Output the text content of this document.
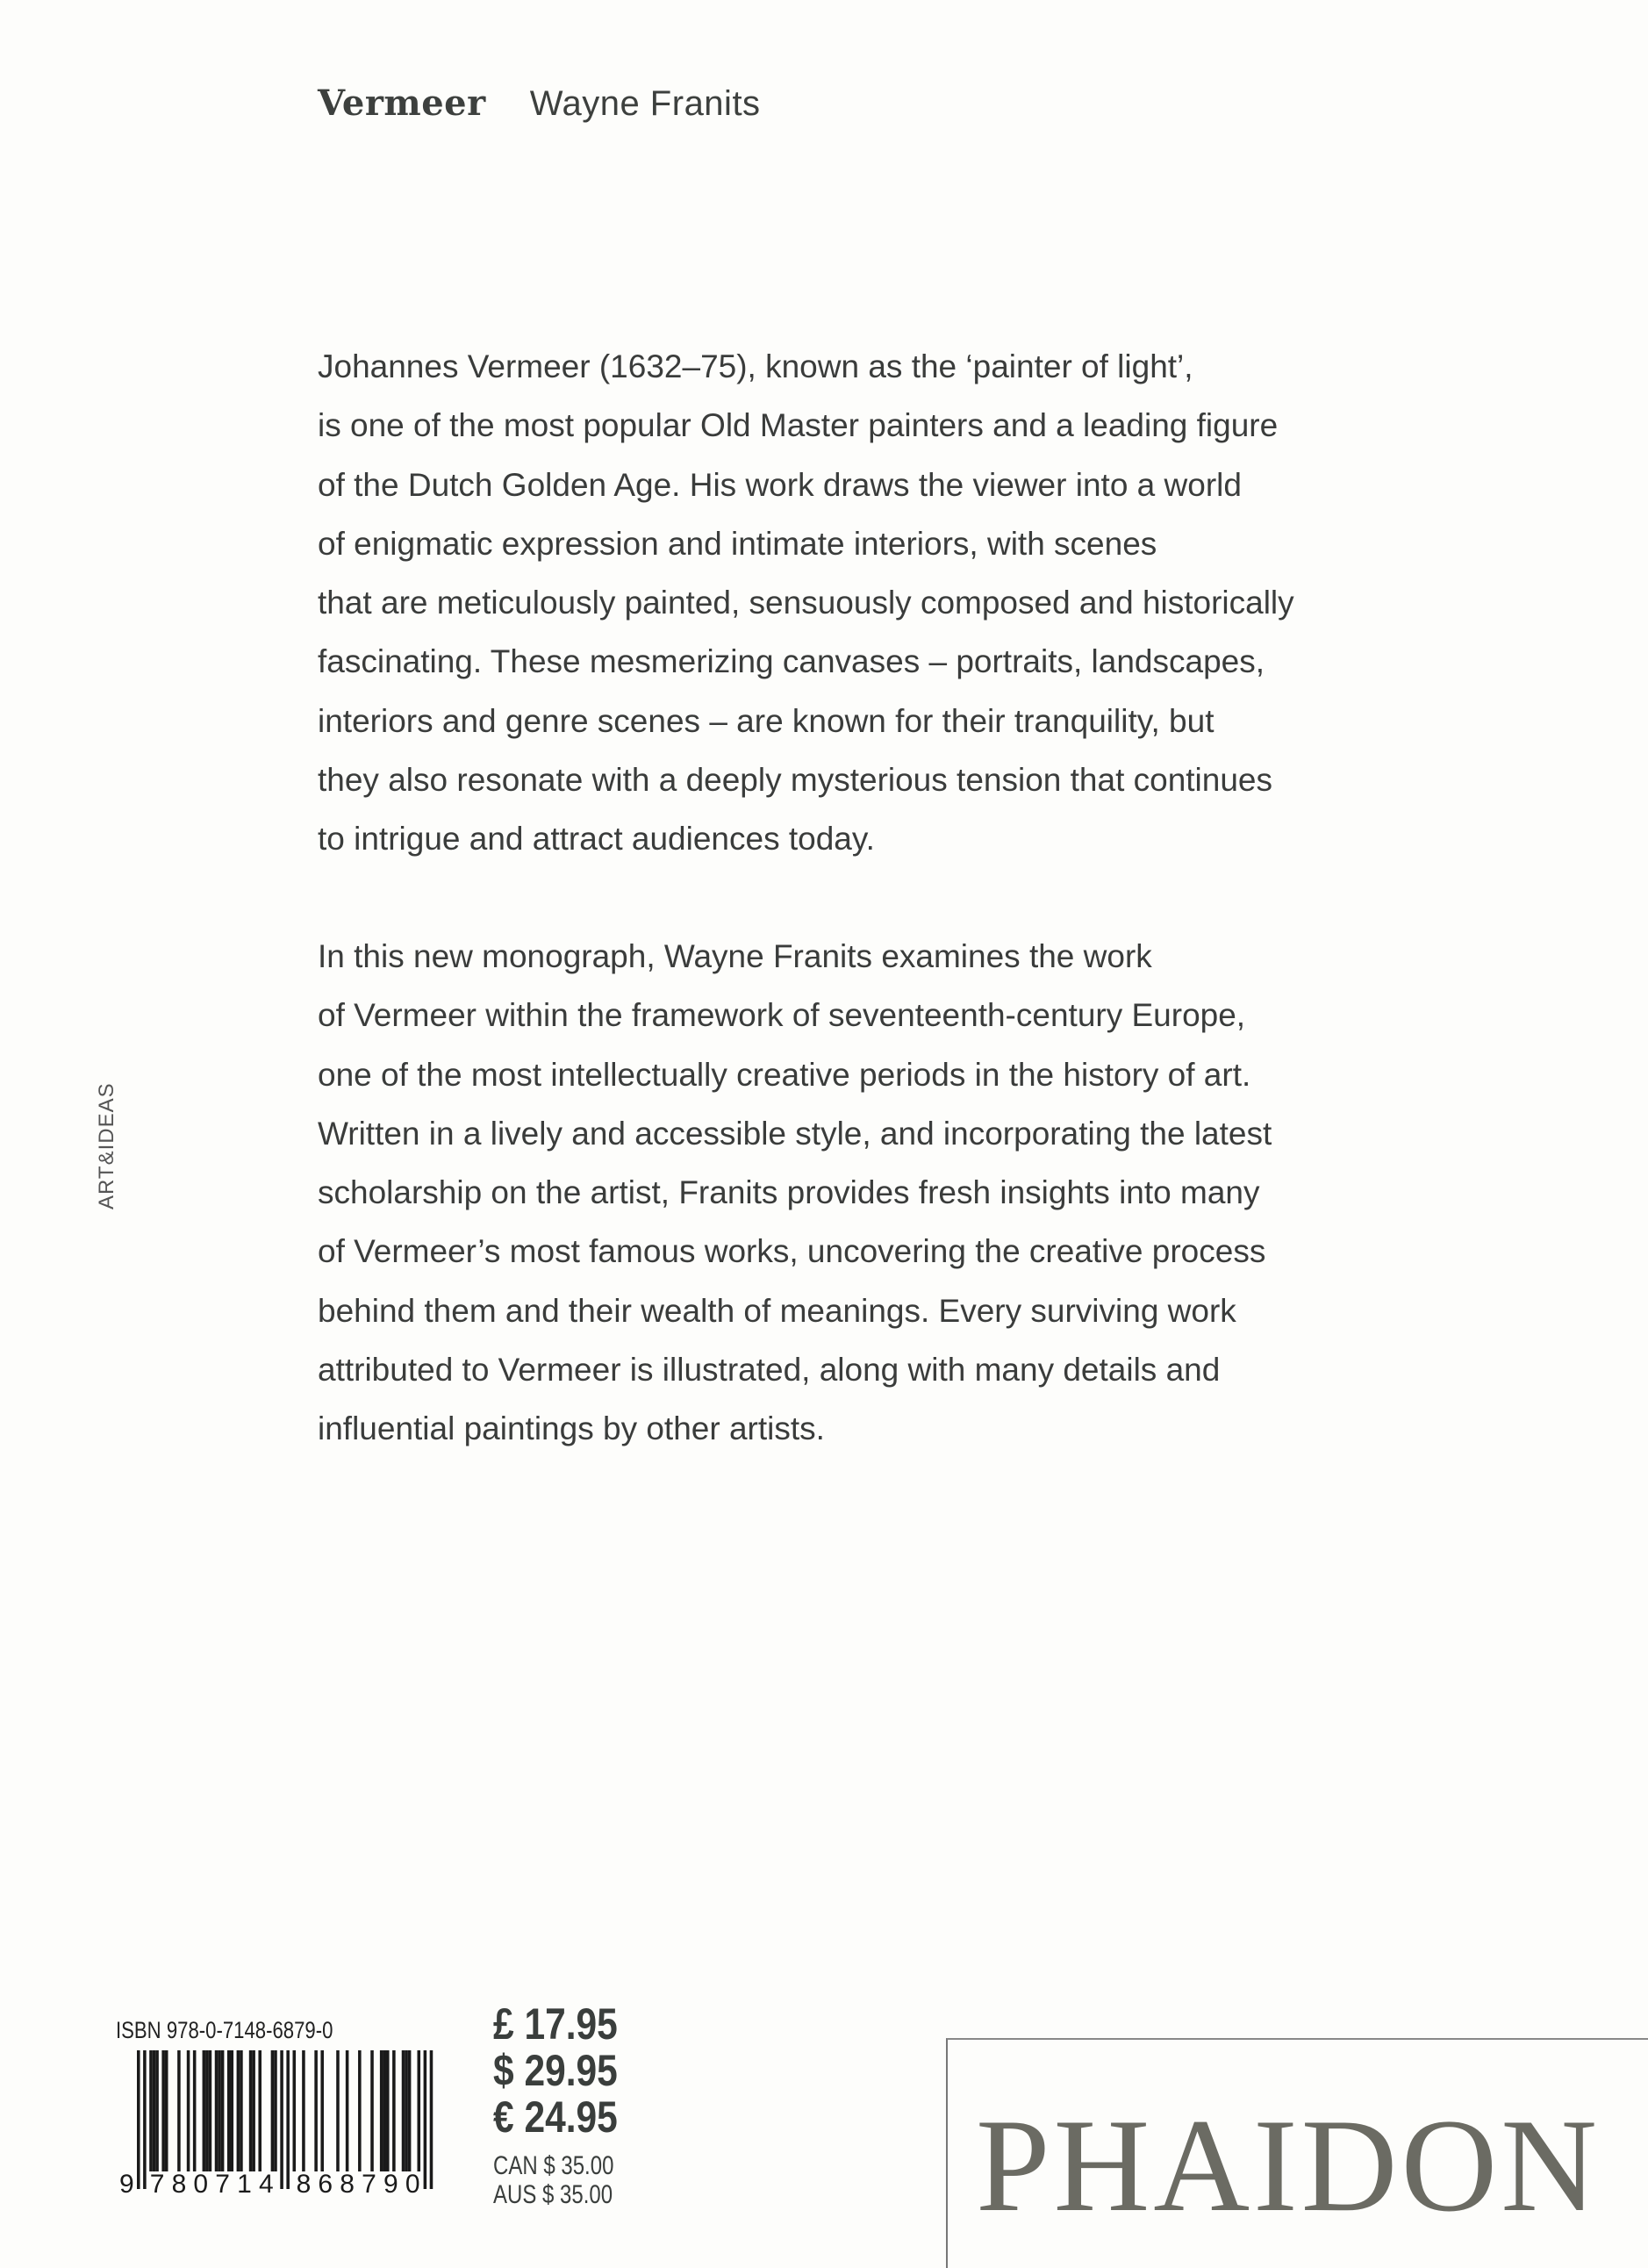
Vermeer Wayne Franits
Johannes Vermeer (1632–75), known as the ‘painter of light’,
is one of the most popular Old Master painters and a leading figure
of the Dutch Golden Age. His work draws the viewer into a world
of enigmatic expression and intimate interiors, with scenes
that are meticulously painted, sensuously composed and historically
fascinating. These mesmerizing canvases – portraits, landscapes,
interiors and genre scenes – are known for their tranquility, but
they also resonate with a deeply mysterious tension that continues
to intrigue and attract audiences today.
In this new monograph, Wayne Franits examines the work
of Vermeer within the framework of seventeenth-century Europe,
one of the most intellectually creative periods in the history of art.
Written in a lively and accessible style, and incorporating the latest
scholarship on the artist, Franits provides fresh insights into many
of Vermeer’s most famous works, uncovering the creative process
behind them and their wealth of meanings. Every surviving work
attributed to Vermeer is illustrated, along with many details and
influential paintings by other artists.
ART&IDEAS
ISBN 978-0-7148-6879-0
9 7 8 0 7 1 4 8 6 8 7 9 0
£ 17.95
$ 29.95
€ 24.95
CAN $ 35.00
AUS $ 35.00	PHAIDON
